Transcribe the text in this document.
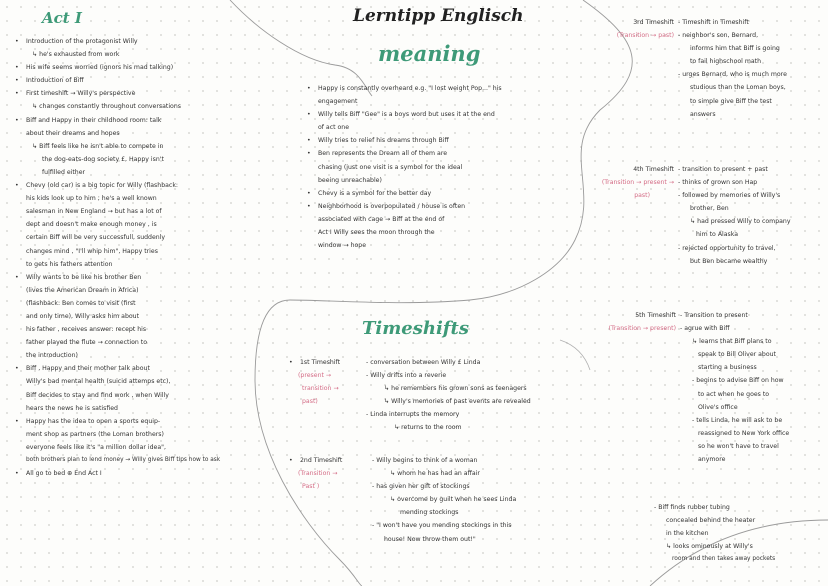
Lerntipp Englisch
Act I
• Introduction of the protagonist Willy
↳ he's exhausted from work
• His wife seems worried (ignors his mad talking)
• Introduction of Biff
• First timeshift → Willy's perspective
↳ changes constantly throughout conversations
• Biff and Happy in their childhood room: talk
about their dreams and hopes
↳ Biff feels like he isn't able to compete in
the dog-eats-dog society £, Happy isn't
fulfilled either
• Chevy (old car) is a big topic for Willy (flashback:
his kids look up to him ; he's a well known
salesman in New England → but has a lot of
dept and doesn't make enough money , is
certain Biff will be very successfull, suddenly
changes mind , "I'll whip him", Happy tries
to gets his fathers attention
• Willy wants to be like his brother Ben
(lives the American Dream in Africa)
(flashback: Ben comes to visit (first
and only time), Willy asks him about
his father , receives answer: recept his
father played the flute → connection to
the introduction)
• Biff , Happy and their mother talk about
Willy's bad mental health (suicid attemps etc),
Biff decides to stay and find work , when Willy
hears the news he is satisfied
• Happy has the idea to open a sports equip-
ment shop as partners (the Loman brothers)
everyone feels like it's "a million dollar idea",
both brothers plan to lend money → Willy gives Biff tips how to ask
• All go to bed ⊕ End Act I
meaning
• Happy is constantly overheard e.g. "I lost weight Pop..." his
engagement
• Willy tells Biff "Gee" is a boys word but uses it at the end
of act one
• Willy tries to relief his dreams through Biff
• Ben represents the Dream all of them are
chasing (just one visit is a symbol for the ideal
beeing unreachable)
• Chevy is a symbol for the better day
• Neighborhood is overpopulated / house is often
associated with cage → Biff at the end of
Act I Willy sees the moon through the
window → hope
Timeshifts
• 1st Timeshift
(present →
transition →
past)
- conversation between Willy £ Linda
- Willy drifts into a reverie
↳ he remembers his grown sons as teenagers
↳ Willy's memories of past events are revealed
- Linda interrupts the memory
↳ returns to the room
• 2nd Timeshift
(Transition →
Past )
- Willy begins to think of a woman
↳ whom he has had an affair
- has given her gift of stockings
↳ overcome by guilt when he sees Linda
mending stockings
- "I won't have you mending stockings in this
house! Now throw them out!"
3rd Timeshift
(Transition → past)
- Timeshift in Timeshift
- neighbor's son, Bernard,
informs him that Biff is going
to fail highschool math
- urges Bernard, who is much more
studious than the Loman boys,
to simple give Biff the test
answers
4th Timeshift
(Transition → present →
past)
- transition to present + past
- thinks of grown son Hap
- followed by memories of Willy's
brother, Ben
↳ had pressed Willy to company
him to Alaska
- rejected opportunity to travel,
but Ben became wealthy
5th Timeshift
(Transition → present)
- Transition to present
- agrue with Biff
↳ learns that Biff plans to
speak to Bill Oliver about
starting a business
- begins to advise Biff on how
to act when he goes to
Olive's office
- tells Linda, he will ask to be
reassigned to New York office
so he won't have to travel
anymore
- Biff finds rubber tubing
concealed behind the heater
in the kitchen
↳ looks ominously at Willy's
room and then takes away pockets
